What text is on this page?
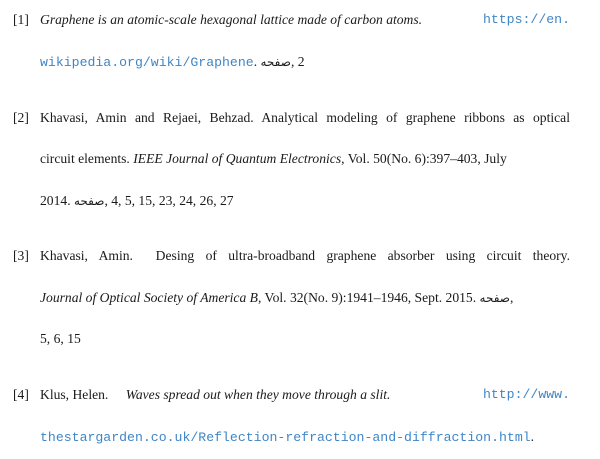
[1] Graphene is an atomic-scale hexagonal lattice made of carbon atoms.	https://en.
wikipedia.org/wiki/Graphene. صفحه, 2
[2] Khavasi, Amin and Rejaei, Behzad. Analytical modeling of graphene ribbons as optical
circuit elements. IEEE Journal of Quantum Electronics, Vol. 50(No. 6):397–403, July
2014. صفحه, 4, 5, 15, 23, 24, 26, 27
[3] Khavasi, Amin.  Desing of ultra-broadband graphene absorber using circuit theory.
Journal of Optical Society of America B, Vol. 32(No. 9):1941–1946, Sept. 2015. صفحه,
5, 6, 15
[4] Klus, Helen. Waves spread out when they move through a slit.	http://www.
thestargarden.co.uk/Reflection-refraction-and-diffraction.html.
